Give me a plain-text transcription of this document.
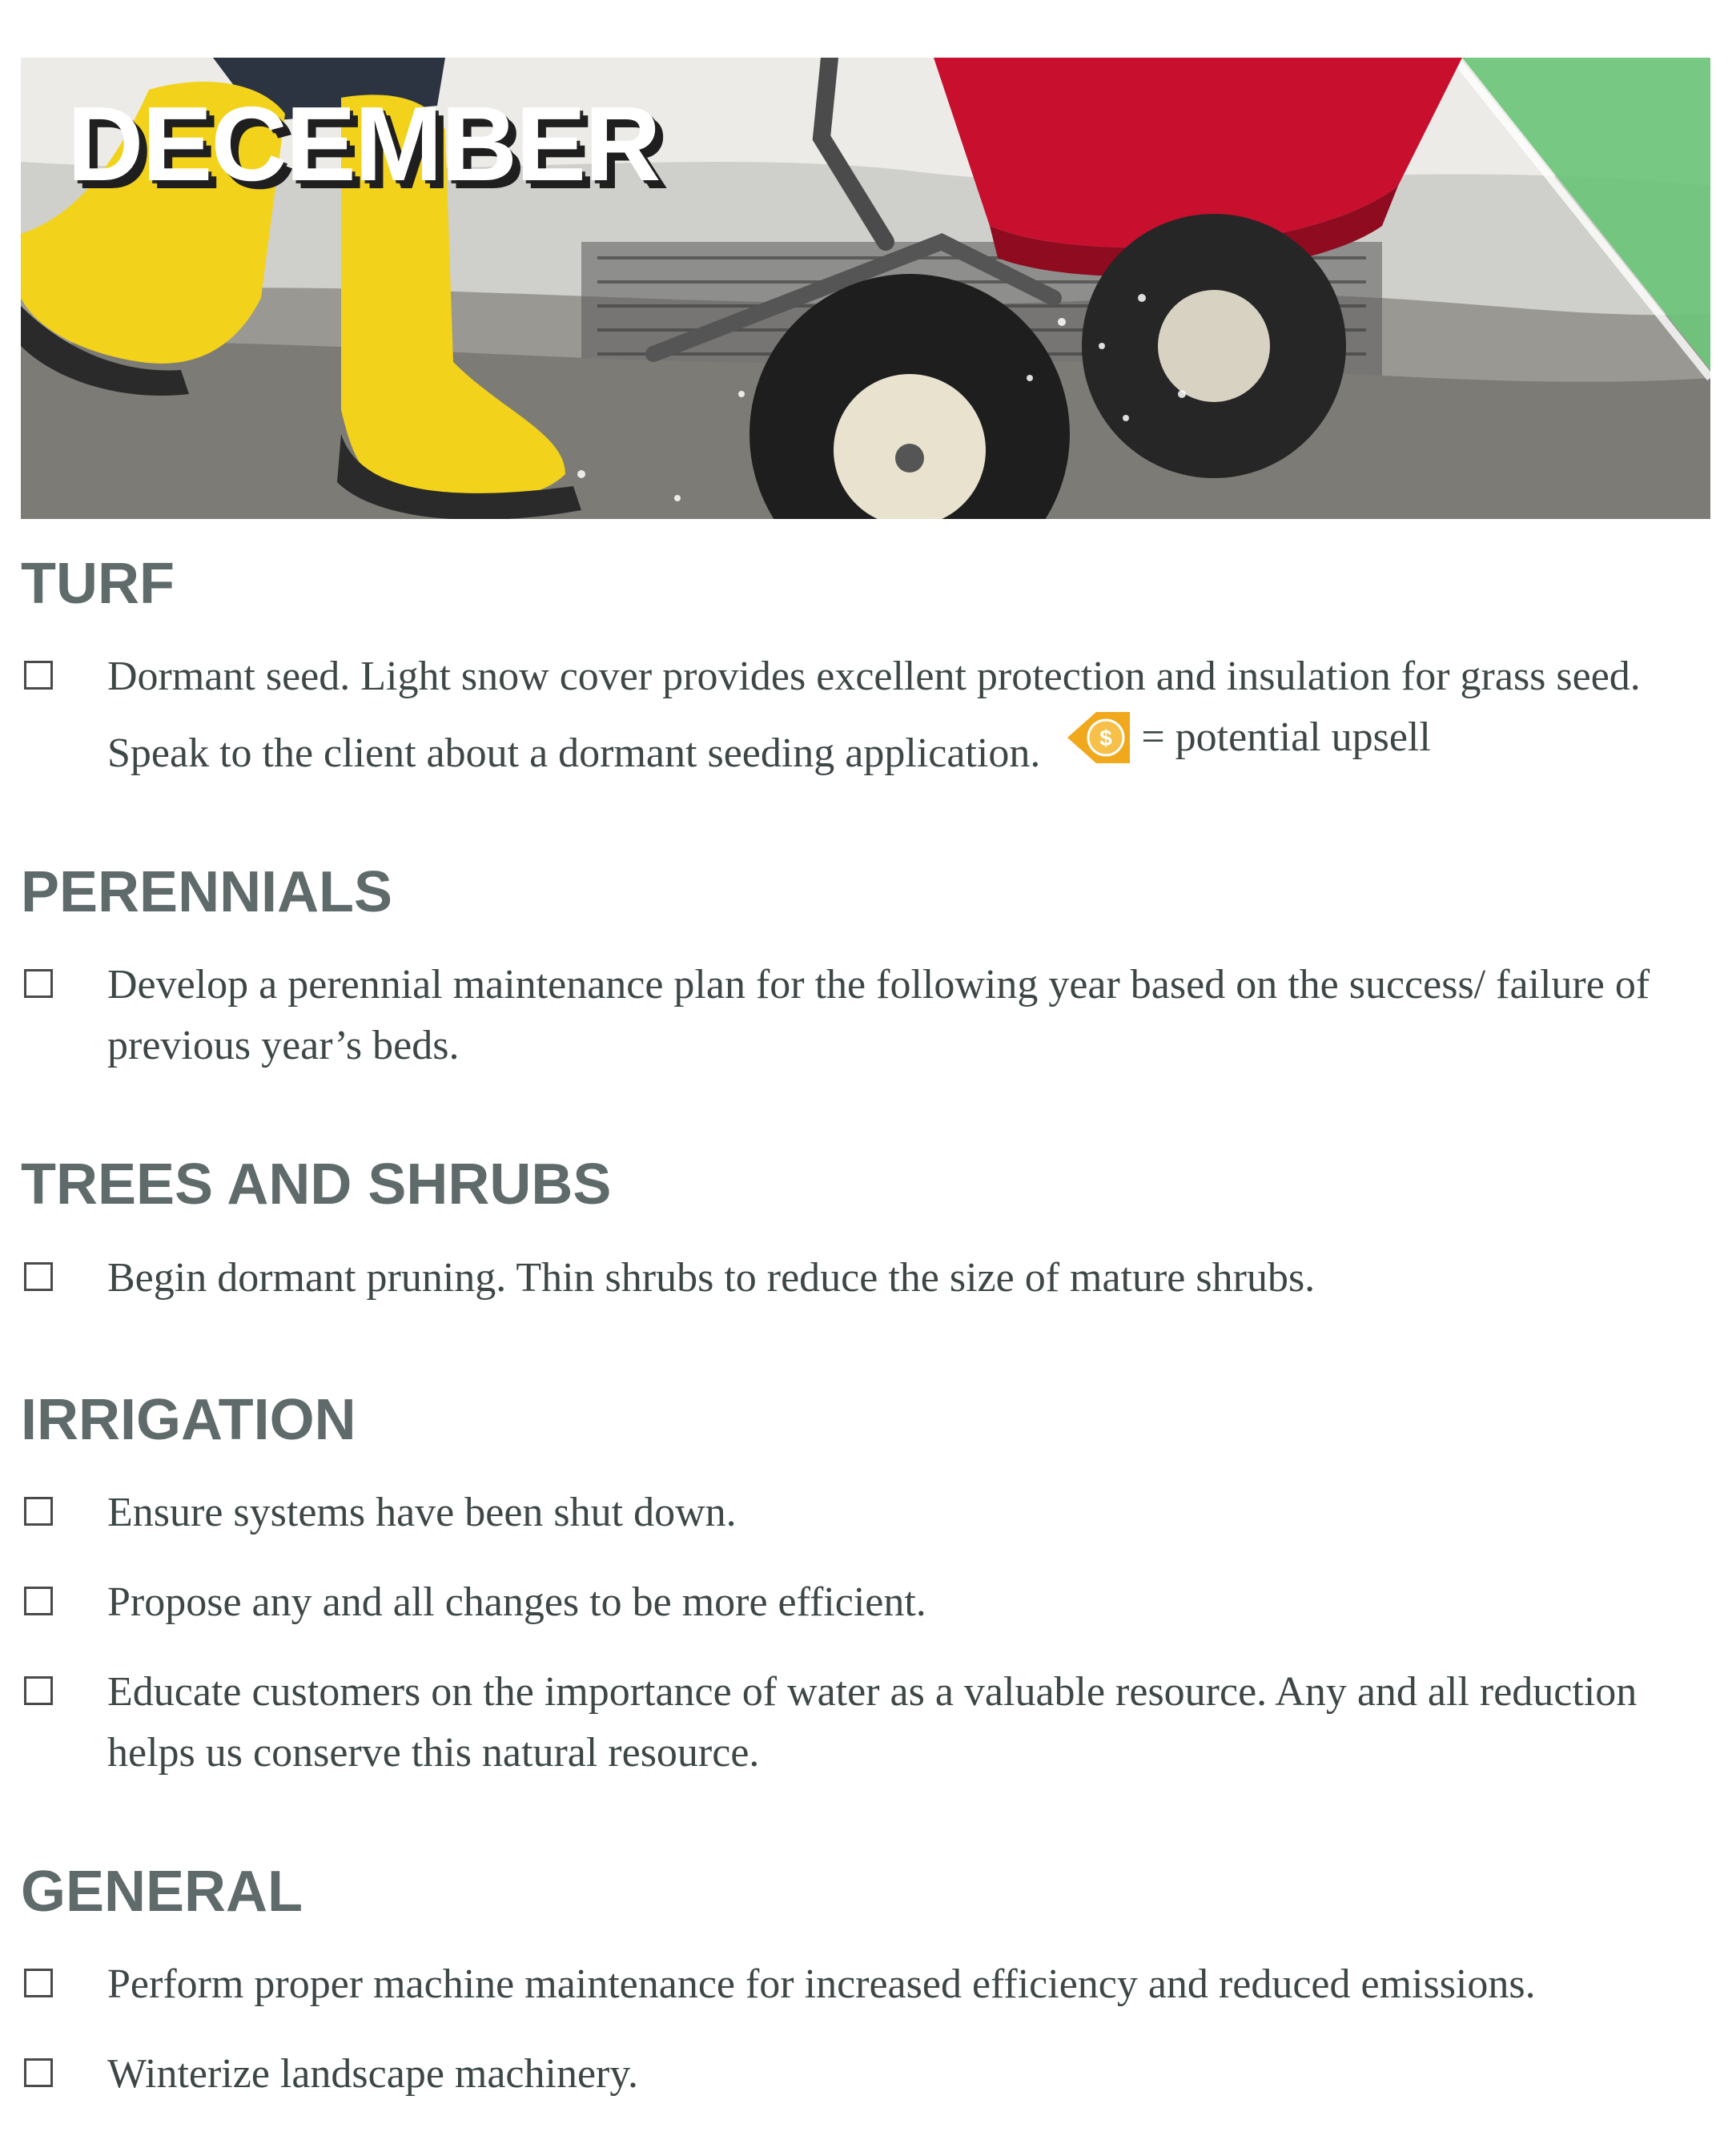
DECEMBER
TURF
Dormant seed. Light snow cover provides excellent protection and insulation for grass seed. Speak to the client about a dormant seeding application.	$ = potential upsell
PERENNIALS
Develop a perennial maintenance plan for the following year based on the success/ failure of previous year’s beds.
TREES AND SHRUBS
Begin dormant pruning. Thin shrubs to reduce the size of mature shrubs.
IRRIGATION
Ensure systems have been shut down.
Propose any and all changes to be more efficient.
Educate customers on the importance of water as a valuable resource. Any and all reduction helps us conserve this natural resource.
GENERAL
Perform proper machine maintenance for increased efficiency and reduced emissions.
Winterize landscape machinery.
